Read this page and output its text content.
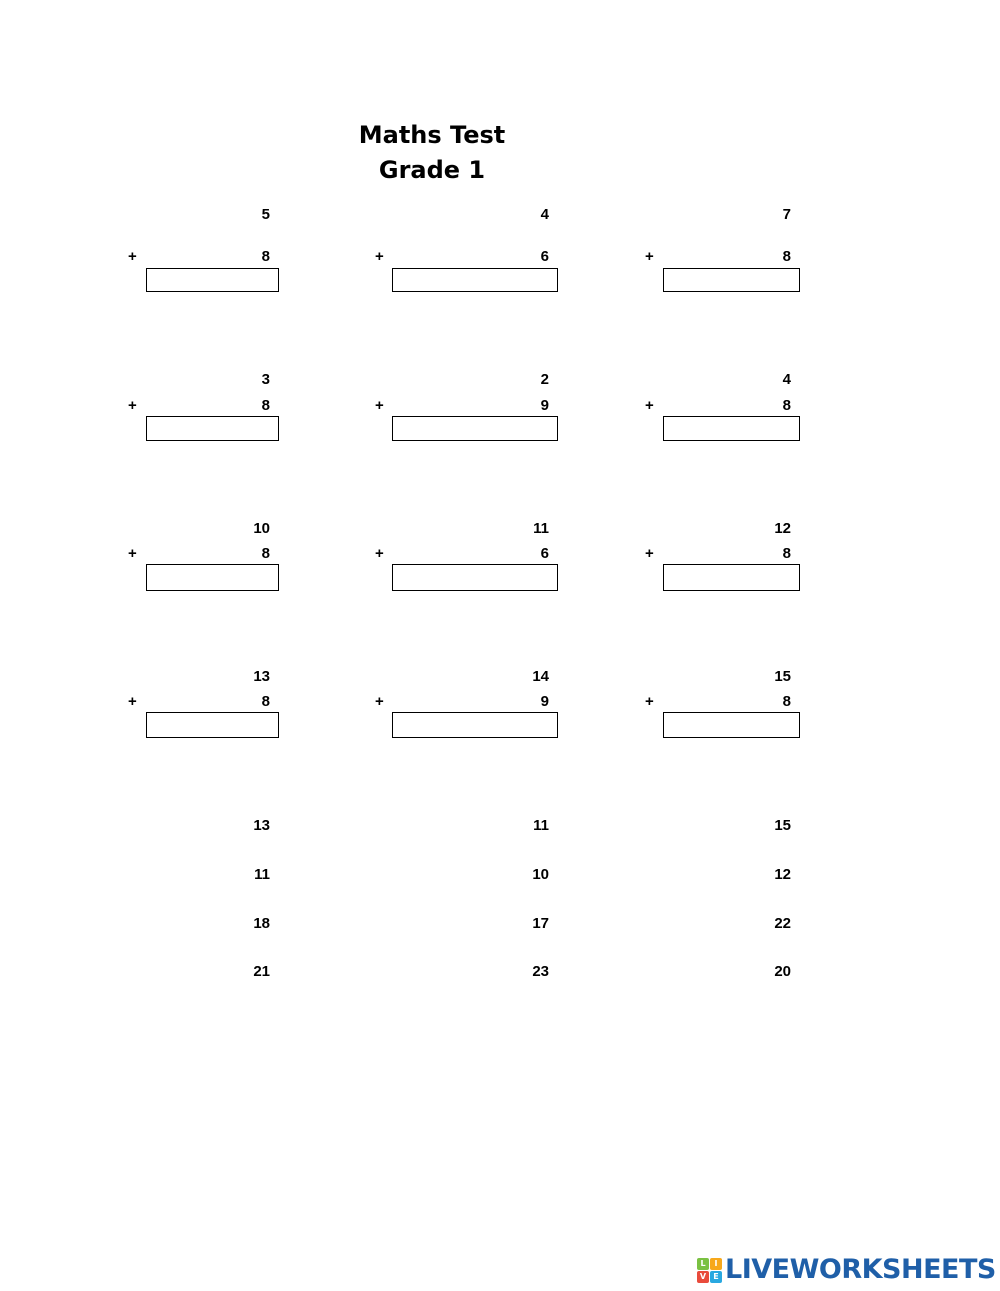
Maths Test
Grade 1
5
+	8
4
+	6
7
+	8
3
+	8
2
+	9
4
+	8
10
+	8
11
+	6
12
+	8
13
+	8
14
+	9
15
+	8
13	11	15
11	10	12
18	17	22
21	23	20
L	I
V E LIVEWORKSHEETS
